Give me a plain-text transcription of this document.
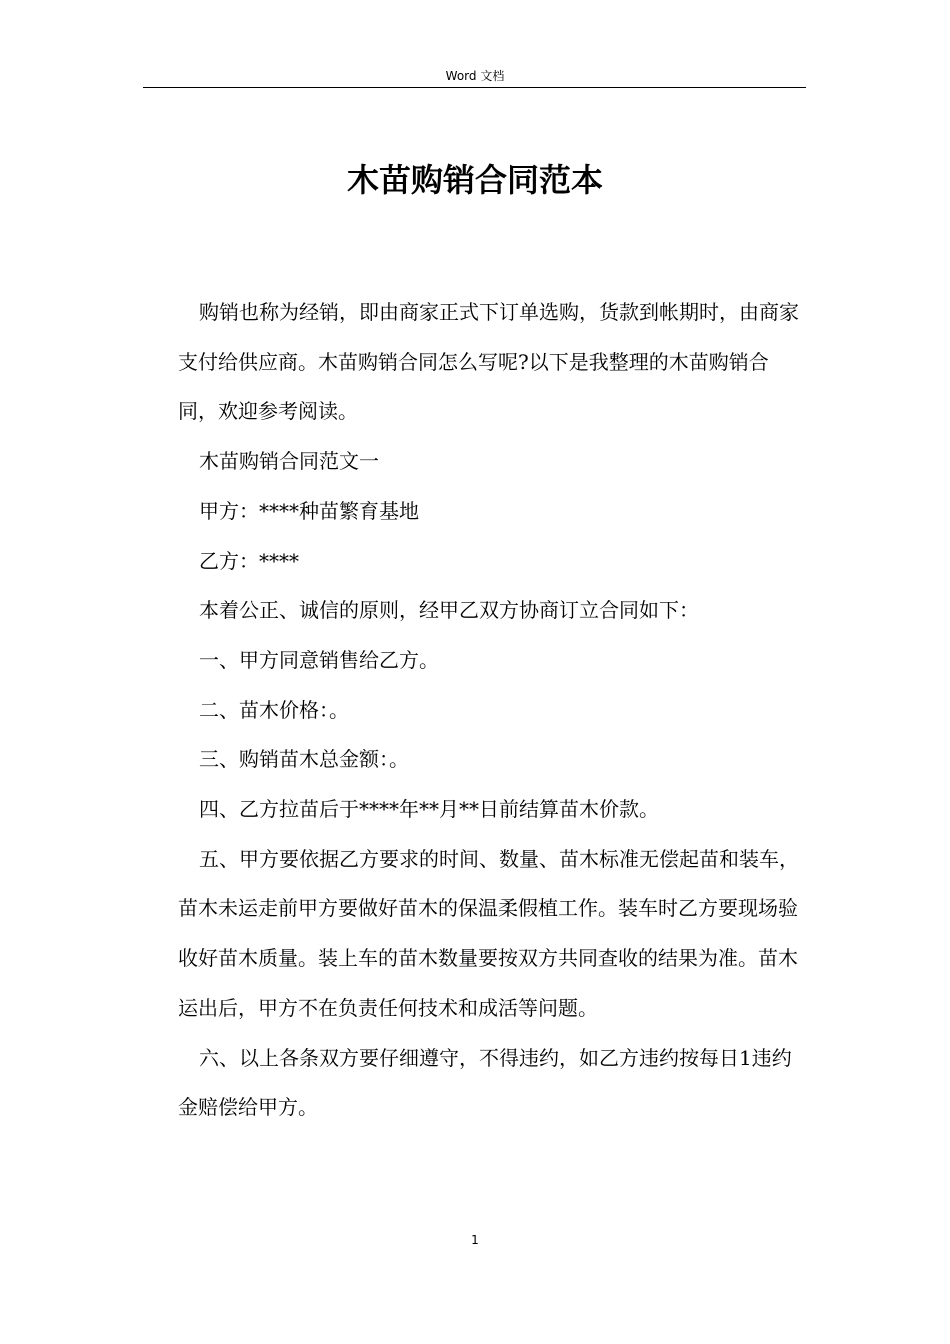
Word 文档
木苗购销合同范本

购销也称为经销，即由商家正式下订单选购，货款到帐期时，由商家支付给供应商。木苗购销合同怎么写呢?以下是我整理的木苗购销合同，欢迎参考阅读。

木苗购销合同范文一

甲方：****种苗繁育基地

乙方：****

本着公正、诚信的原则，经甲乙双方协商订立合同如下：

一、甲方同意销售给乙方。

二、苗木价格：。

三、购销苗木总金额：。

四、乙方拉苗后于****年**月**日前结算苗木价款。

五、甲方要依据乙方要求的时间、数量、苗木标准无偿起苗和装车，苗木未运走前甲方要做好苗木的保温柔假植工作。装车时乙方要现场验收好苗木质量。装上车的苗木数量要按双方共同查收的结果为准。苗木运出后，甲方不在负责任何技术和成活等问题。

六、以上各条双方要仔细遵守，不得违约，如乙方违约按每日1违约金赔偿给甲方。

1
